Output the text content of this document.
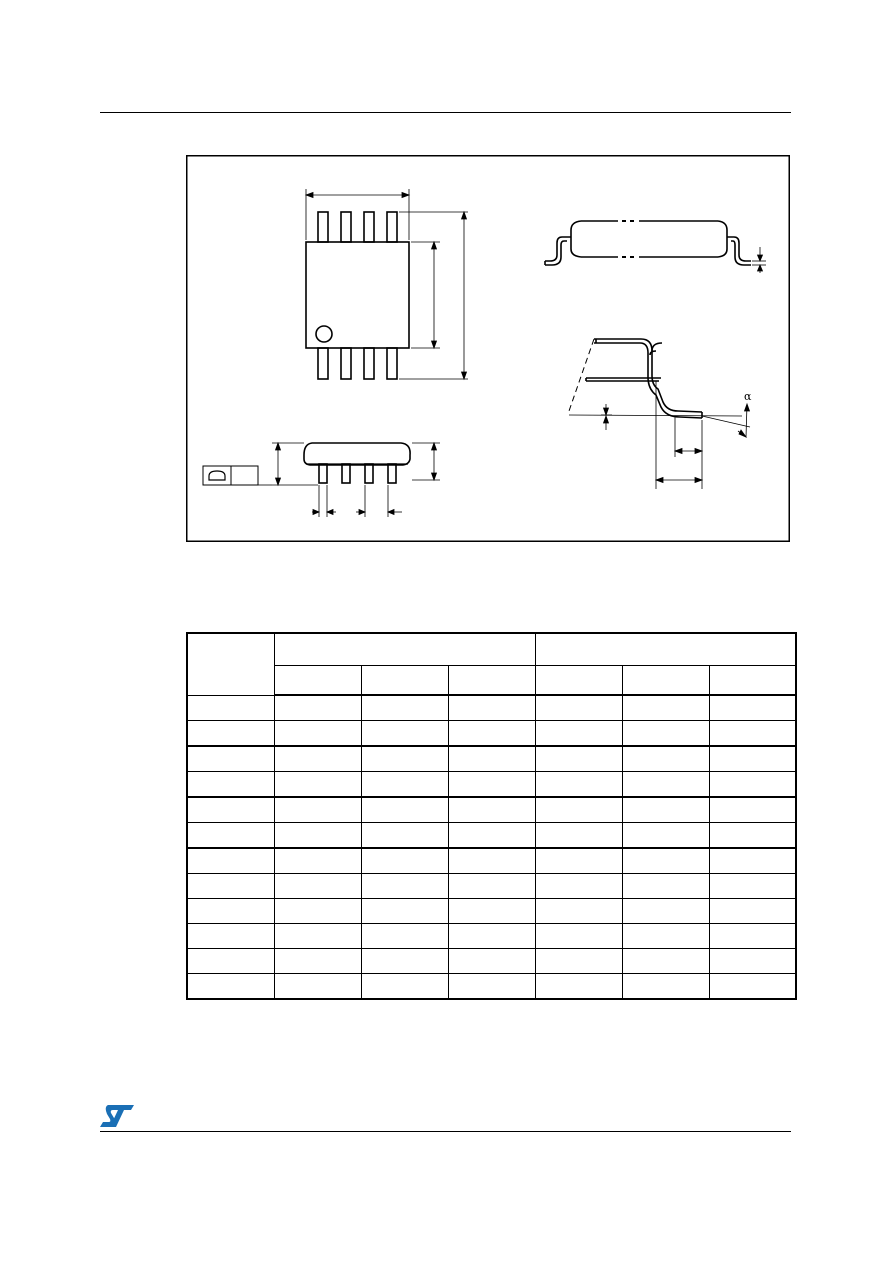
α
